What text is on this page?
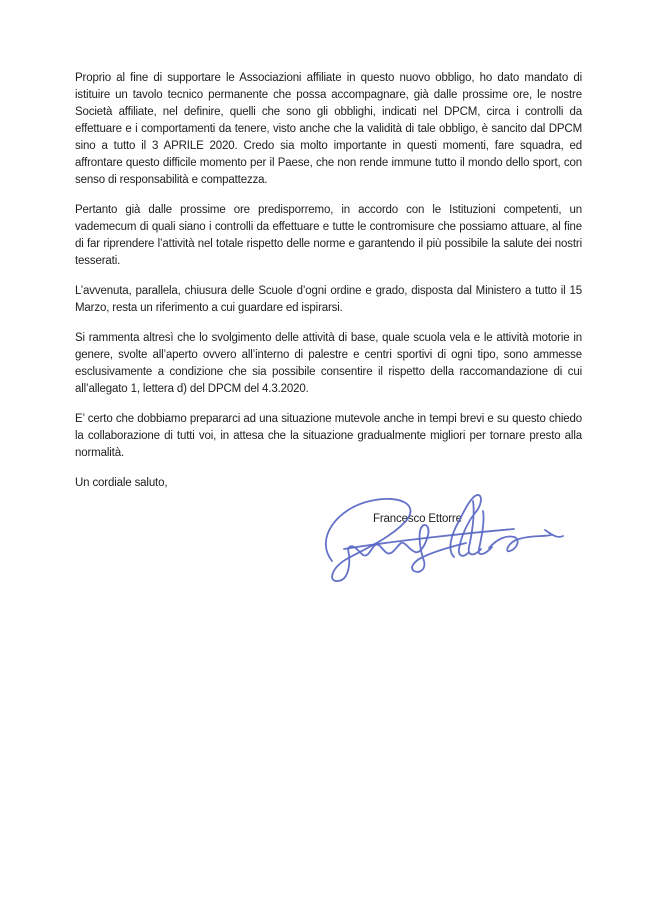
Proprio al fine di supportare le Associazioni affiliate in questo nuovo obbligo, ho dato mandato di istituire un tavolo tecnico permanente che possa accompagnare, già dalle prossime ore, le nostre Società affiliate, nel definire, quelli che sono gli obblighi, indicati nel DPCM, circa i controlli da effettuare e i comportamenti da tenere, visto anche che la validità di tale obbligo, è sancito dal DPCM sino a tutto il 3 APRILE 2020. Credo sia molto importante in questi momenti, fare squadra, ed affrontare questo difficile momento per il Paese, che non rende immune tutto il mondo dello sport, con senso di responsabilità e compattezza.

Pertanto già dalle prossime ore predisporremo, in accordo con le Istituzioni competenti, un vademecum di quali siano i controlli da effettuare e tutte le contromisure che possiamo attuare, al fine di far riprendere l’attività nel totale rispetto delle norme e garantendo il più possibile la salute dei nostri tesserati.

L’avvenuta, parallela, chiusura delle Scuole d’ogni ordine e grado, disposta dal Ministero a tutto il 15 Marzo, resta un riferimento a cui guardare ed ispirarsi.

Si rammenta altresì che lo svolgimento delle attività di base, quale scuola vela e le attività motorie in genere, svolte all’aperto ovvero all’interno di palestre e centri sportivi di ogni tipo, sono ammesse esclusivamente a condizione che sia possibile consentire il rispetto della raccomandazione di cui all’allegato 1, lettera d) del DPCM del 4.3.2020.

E’ certo che dobbiamo prepararci ad una situazione mutevole anche in tempi brevi e su questo chiedo la collaborazione di tutti voi, in attesa che la situazione gradualmente migliori per tornare presto alla normalità.

Un cordiale saluto,

Francesco Ettorre
